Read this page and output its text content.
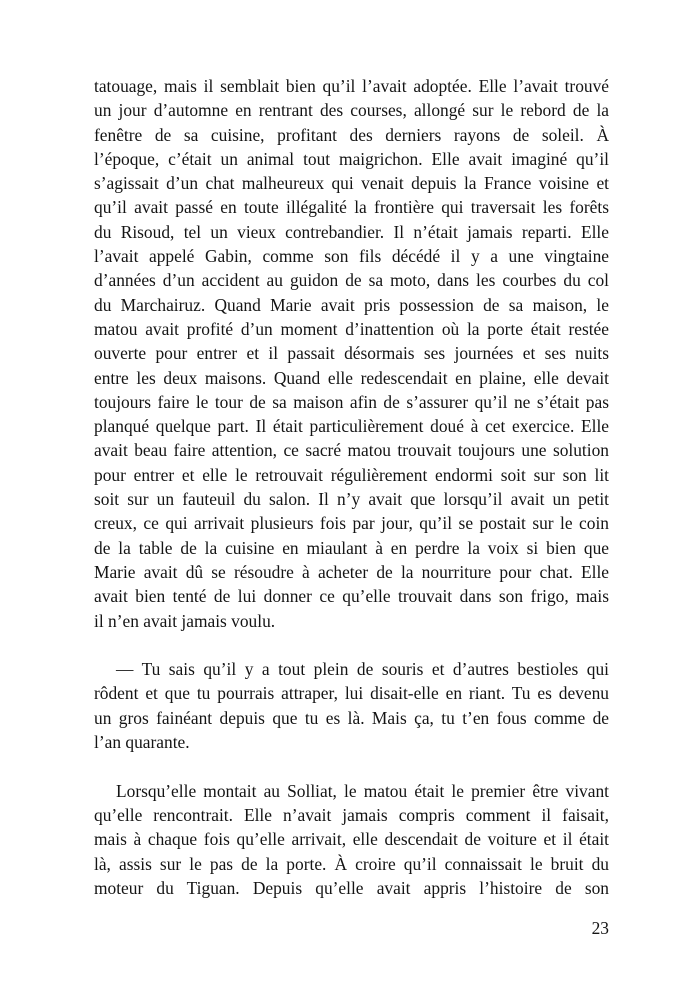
tatouage, mais il semblait bien qu’il l’avait adoptée. Elle l’avait trouvé
un jour d’automne en rentrant des courses, allongé sur le rebord de la
fenêtre de sa cuisine, profitant des derniers rayons de soleil. À
l’époque, c’était un animal tout maigrichon. Elle avait imaginé qu’il
s’agissait d’un chat malheureux qui venait depuis la France voisine et
qu’il avait passé en toute illégalité la frontière qui traversait les forêts
du Risoud, tel un vieux contrebandier. Il n’était jamais reparti. Elle
l’avait appelé Gabin, comme son fils décédé il y a une vingtaine
d’années d’un accident au guidon de sa moto, dans les courbes du col
du Marchairuz. Quand Marie avait pris possession de sa maison, le
matou avait profité d’un moment d’inattention où la porte était restée
ouverte pour entrer et il passait désormais ses journées et ses nuits
entre les deux maisons. Quand elle redescendait en plaine, elle devait
toujours faire le tour de sa maison afin de s’assurer qu’il ne s’était pas
planqué quelque part. Il était particulièrement doué à cet exercice. Elle
avait beau faire attention, ce sacré matou trouvait toujours une solution
pour entrer et elle le retrouvait régulièrement endormi soit sur son lit
soit sur un fauteuil du salon. Il n’y avait que lorsqu’il avait un petit
creux, ce qui arrivait plusieurs fois par jour, qu’il se postait sur le coin
de la table de la cuisine en miaulant à en perdre la voix si bien que
Marie avait dû se résoudre à acheter de la nourriture pour chat. Elle
avait bien tenté de lui donner ce qu’elle trouvait dans son frigo, mais
il n’en avait jamais voulu.
— Tu sais qu’il y a tout plein de souris et d’autres bestioles qui
rôdent et que tu pourrais attraper, lui disait-elle en riant. Tu es devenu
un gros fainéant depuis que tu es là. Mais ça, tu t’en fous comme de
l’an quarante.
Lorsqu’elle montait au Solliat, le matou était le premier être vivant
qu’elle rencontrait. Elle n’avait jamais compris comment il faisait,
mais à chaque fois qu’elle arrivait, elle descendait de voiture et il était
là, assis sur le pas de la porte. À croire qu’il connaissait le bruit du
moteur du Tiguan. Depuis qu’elle avait appris l’histoire de son
23
